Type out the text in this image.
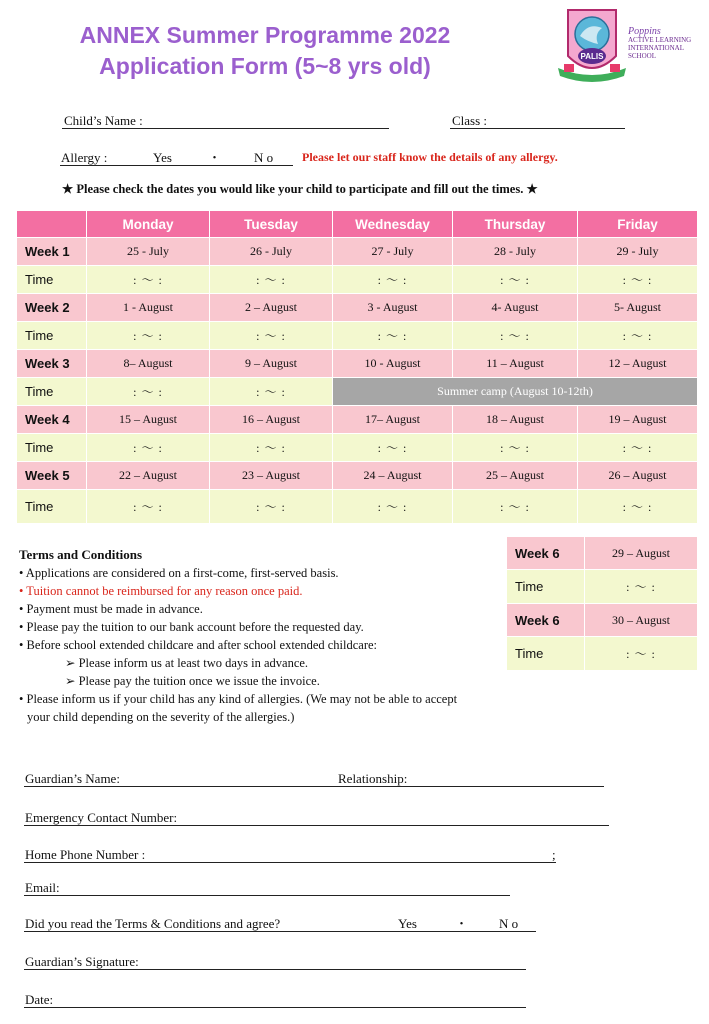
ANNEX Summer Programme 2022
Application Form (5~8 yrs old)	PALIS
Poppins
ACTIVE LEARNING
INTERNATIONAL SCHOOL
Child’s Name :	Class :
Allergy :	Yes	・	N o Please let our staff know the details of any allergy.
★ Please check the dates you would like your child to participate and fill out the times. ★
	Monday	Tuesday	Wednesday	Thursday	Friday
Week 1	25 - July	26 - July	27 - July	28 - July	29 - July
Time	: 〜 :	: 〜 :	: 〜 :	: 〜 :	: 〜 :
Week 2	1 - August	2 – August	3 - August	4- August	5- August
Time	: 〜 :	: 〜 :	: 〜 :	: 〜 :	: 〜 :
Week 3	8– August	9 – August	10 - August	11 – August	12 – August
Time	: 〜 :	: 〜 :	Summer camp (August 10-12th)		
Week 4	15 – August	16 – August	17– August	18 – August	19 – August
Time	: 〜 :	: 〜 :	: 〜 :	: 〜 :	: 〜 :
Week 5	22 – August	23 – August	24 – August	25 – August	26 – August
Time	: 〜 :	: 〜 :	: 〜 :	: 〜 :	: 〜 :
Week 6	29 – August
Time	: 〜 :
Week 6	30 – August
Time	: 〜 :
Terms and Conditions
• Applications are considered on a first-come, first-served basis.
• Tuition cannot be reimbursed for any reason once paid.
• Payment must be made in advance.
• Please pay the tuition to our bank account before the requested day.
• Before school extended childcare and after school extended childcare:
➢ Please inform us at least two days in advance.
➢ Please pay the tuition once we issue the invoice.
• Please inform us if your child has any kind of allergies. (We may not be able to accept
your child depending on the severity of the allergies.)
Guardian’s Name:	Relationship:
Emergency Contact Number:
Home Phone Number :	;
Email:
Did you read the Terms & Conditions and agree?	Yes	・ N o
Guardian’s Signature:
Date:
